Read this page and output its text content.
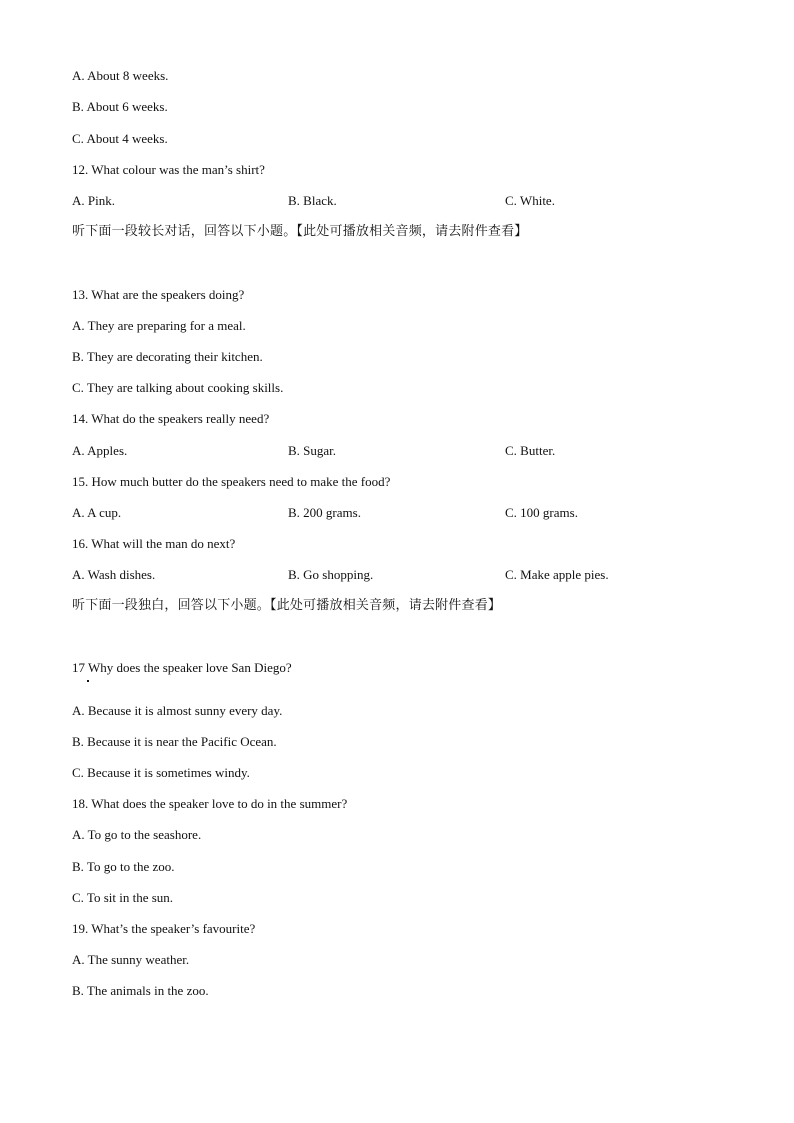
A. About 8 weeks.
B. About 6 weeks.
C. About 4 weeks.
12. What colour was the man’s shirt?
A. Pink.	B. Black.	C. White.
听下面一段较长对话，回答以下小题。【此处可播放相关音频，请去附件查看】
13. What are the speakers doing?
A. They are preparing for a meal.
B. They are decorating their kitchen.
C. They are talking about cooking skills.
14. What do the speakers really need?
A. Apples.	B. Sugar.	C. Butter.
15. How much butter do the speakers need to make the food?
A. A cup.	B. 200 grams.	C. 100 grams.
16. What will the man do next?
A. Wash dishes.	B. Go shopping.	C. Make apple pies.
听下面一段独白，回答以下小题。【此处可播放相关音频，请去附件查看】
17 Why does the speaker love San Diego?
A. Because it is almost sunny every day.
B. Because it is near the Pacific Ocean.
C. Because it is sometimes windy.
18. What does the speaker love to do in the summer?
A. To go to the seashore.
B. To go to the zoo.
C. To sit in the sun.
19. What’s the speaker’s favourite?
A. The sunny weather.
B. The animals in the zoo.
